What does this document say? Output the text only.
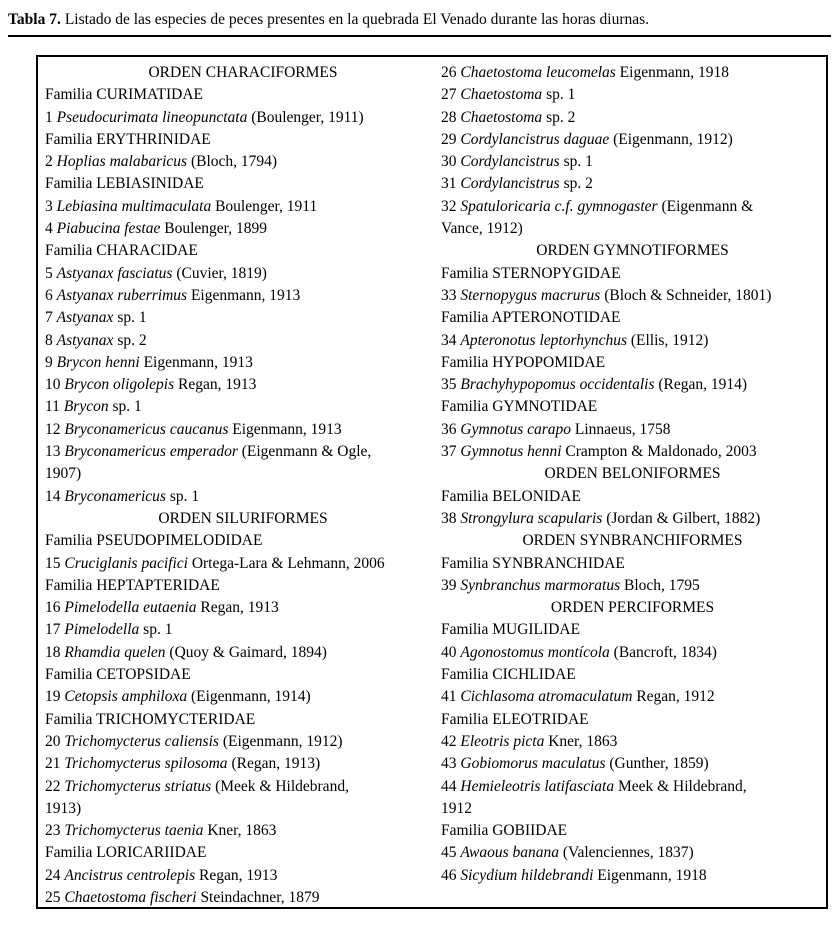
Tabla 7. Listado de las especies de peces presentes en la quebrada El Venado durante las horas diurnas.
ORDEN CHARACIFORMES
Familia CURIMATIDAE
1 Pseudocurimata lineopunctata (Boulenger, 1911)
Familia ERYTHRINIDAE
2 Hoplias malabaricus (Bloch, 1794)
Familia LEBIASINIDAE
3 Lebiasina multimaculata Boulenger, 1911
4 Piabucina festae Boulenger, 1899
Familia CHARACIDAE
5 Astyanax fasciatus (Cuvier, 1819)
6 Astyanax ruberrimus Eigenmann, 1913
7 Astyanax sp. 1
8 Astyanax sp. 2
9 Brycon henni Eigenmann, 1913
10 Brycon oligolepis Regan, 1913
11 Brycon sp. 1
12 Bryconamericus caucanus Eigenmann, 1913
13 Bryconamericus emperador (Eigenmann & Ogle,
1907)
14 Bryconamericus sp. 1
ORDEN SILURIFORMES
Familia PSEUDOPIMELODIDAE
15 Cruciglanis pacifici Ortega-Lara & Lehmann, 2006
Familia HEPTAPTERIDAE
16 Pimelodella eutaenia Regan, 1913
17 Pimelodella sp. 1
18 Rhamdia quelen (Quoy & Gaimard, 1894)
Familia CETOPSIDAE
19 Cetopsis amphiloxa (Eigenmann, 1914)
Familia TRICHOMYCTERIDAE
20 Trichomycterus caliensis (Eigenmann, 1912)
21 Trichomycterus spilosoma (Regan, 1913)
22 Trichomycterus striatus (Meek & Hildebrand,
1913)
23 Trichomycterus taenia Kner, 1863
Familia LORICARIIDAE
24 Ancistrus centrolepis Regan, 1913
25 Chaetostoma fischeri Steindachner, 1879
26 Chaetostoma leucomelas Eigenmann, 1918
27 Chaetostoma sp. 1
28 Chaetostoma sp. 2
29 Cordylancistrus daguae (Eigenmann, 1912)
30 Cordylancistrus sp. 1
31 Cordylancistrus sp. 2
32 Spatuloricaria c.f. gymnogaster (Eigenmann &
Vance, 1912)
ORDEN GYMNOTIFORMES
Familia STERNOPYGIDAE
33 Sternopygus macrurus (Bloch & Schneider, 1801)
Familia APTERONOTIDAE
34 Apteronotus leptorhynchus (Ellis, 1912)
Familia HYPOPOMIDAE
35 Brachyhypopomus occidentalis (Regan, 1914)
Familia GYMNOTIDAE
36 Gymnotus carapo Linnaeus, 1758
37 Gymnotus henni Crampton & Maldonado, 2003
ORDEN BELONIFORMES
Familia BELONIDAE
38 Strongylura scapularis (Jordan & Gilbert, 1882)
ORDEN SYNBRANCHIFORMES
Familia SYNBRANCHIDAE
39 Synbranchus marmoratus Bloch, 1795
ORDEN PERCIFORMES
Familia MUGILIDAE
40 Agonostomus montícola (Bancroft, 1834)
Familia CICHLIDAE
41 Cichlasoma atromaculatum Regan, 1912
Familia ELEOTRIDAE
42 Eleotris picta Kner, 1863
43 Gobiomorus maculatus (Gunther, 1859)
44 Hemieleotris latifasciata Meek & Hildebrand,
1912
Familia GOBIIDAE
45 Awaous banana (Valenciennes, 1837)
46 Sicydium hildebrandi Eigenmann, 1918
